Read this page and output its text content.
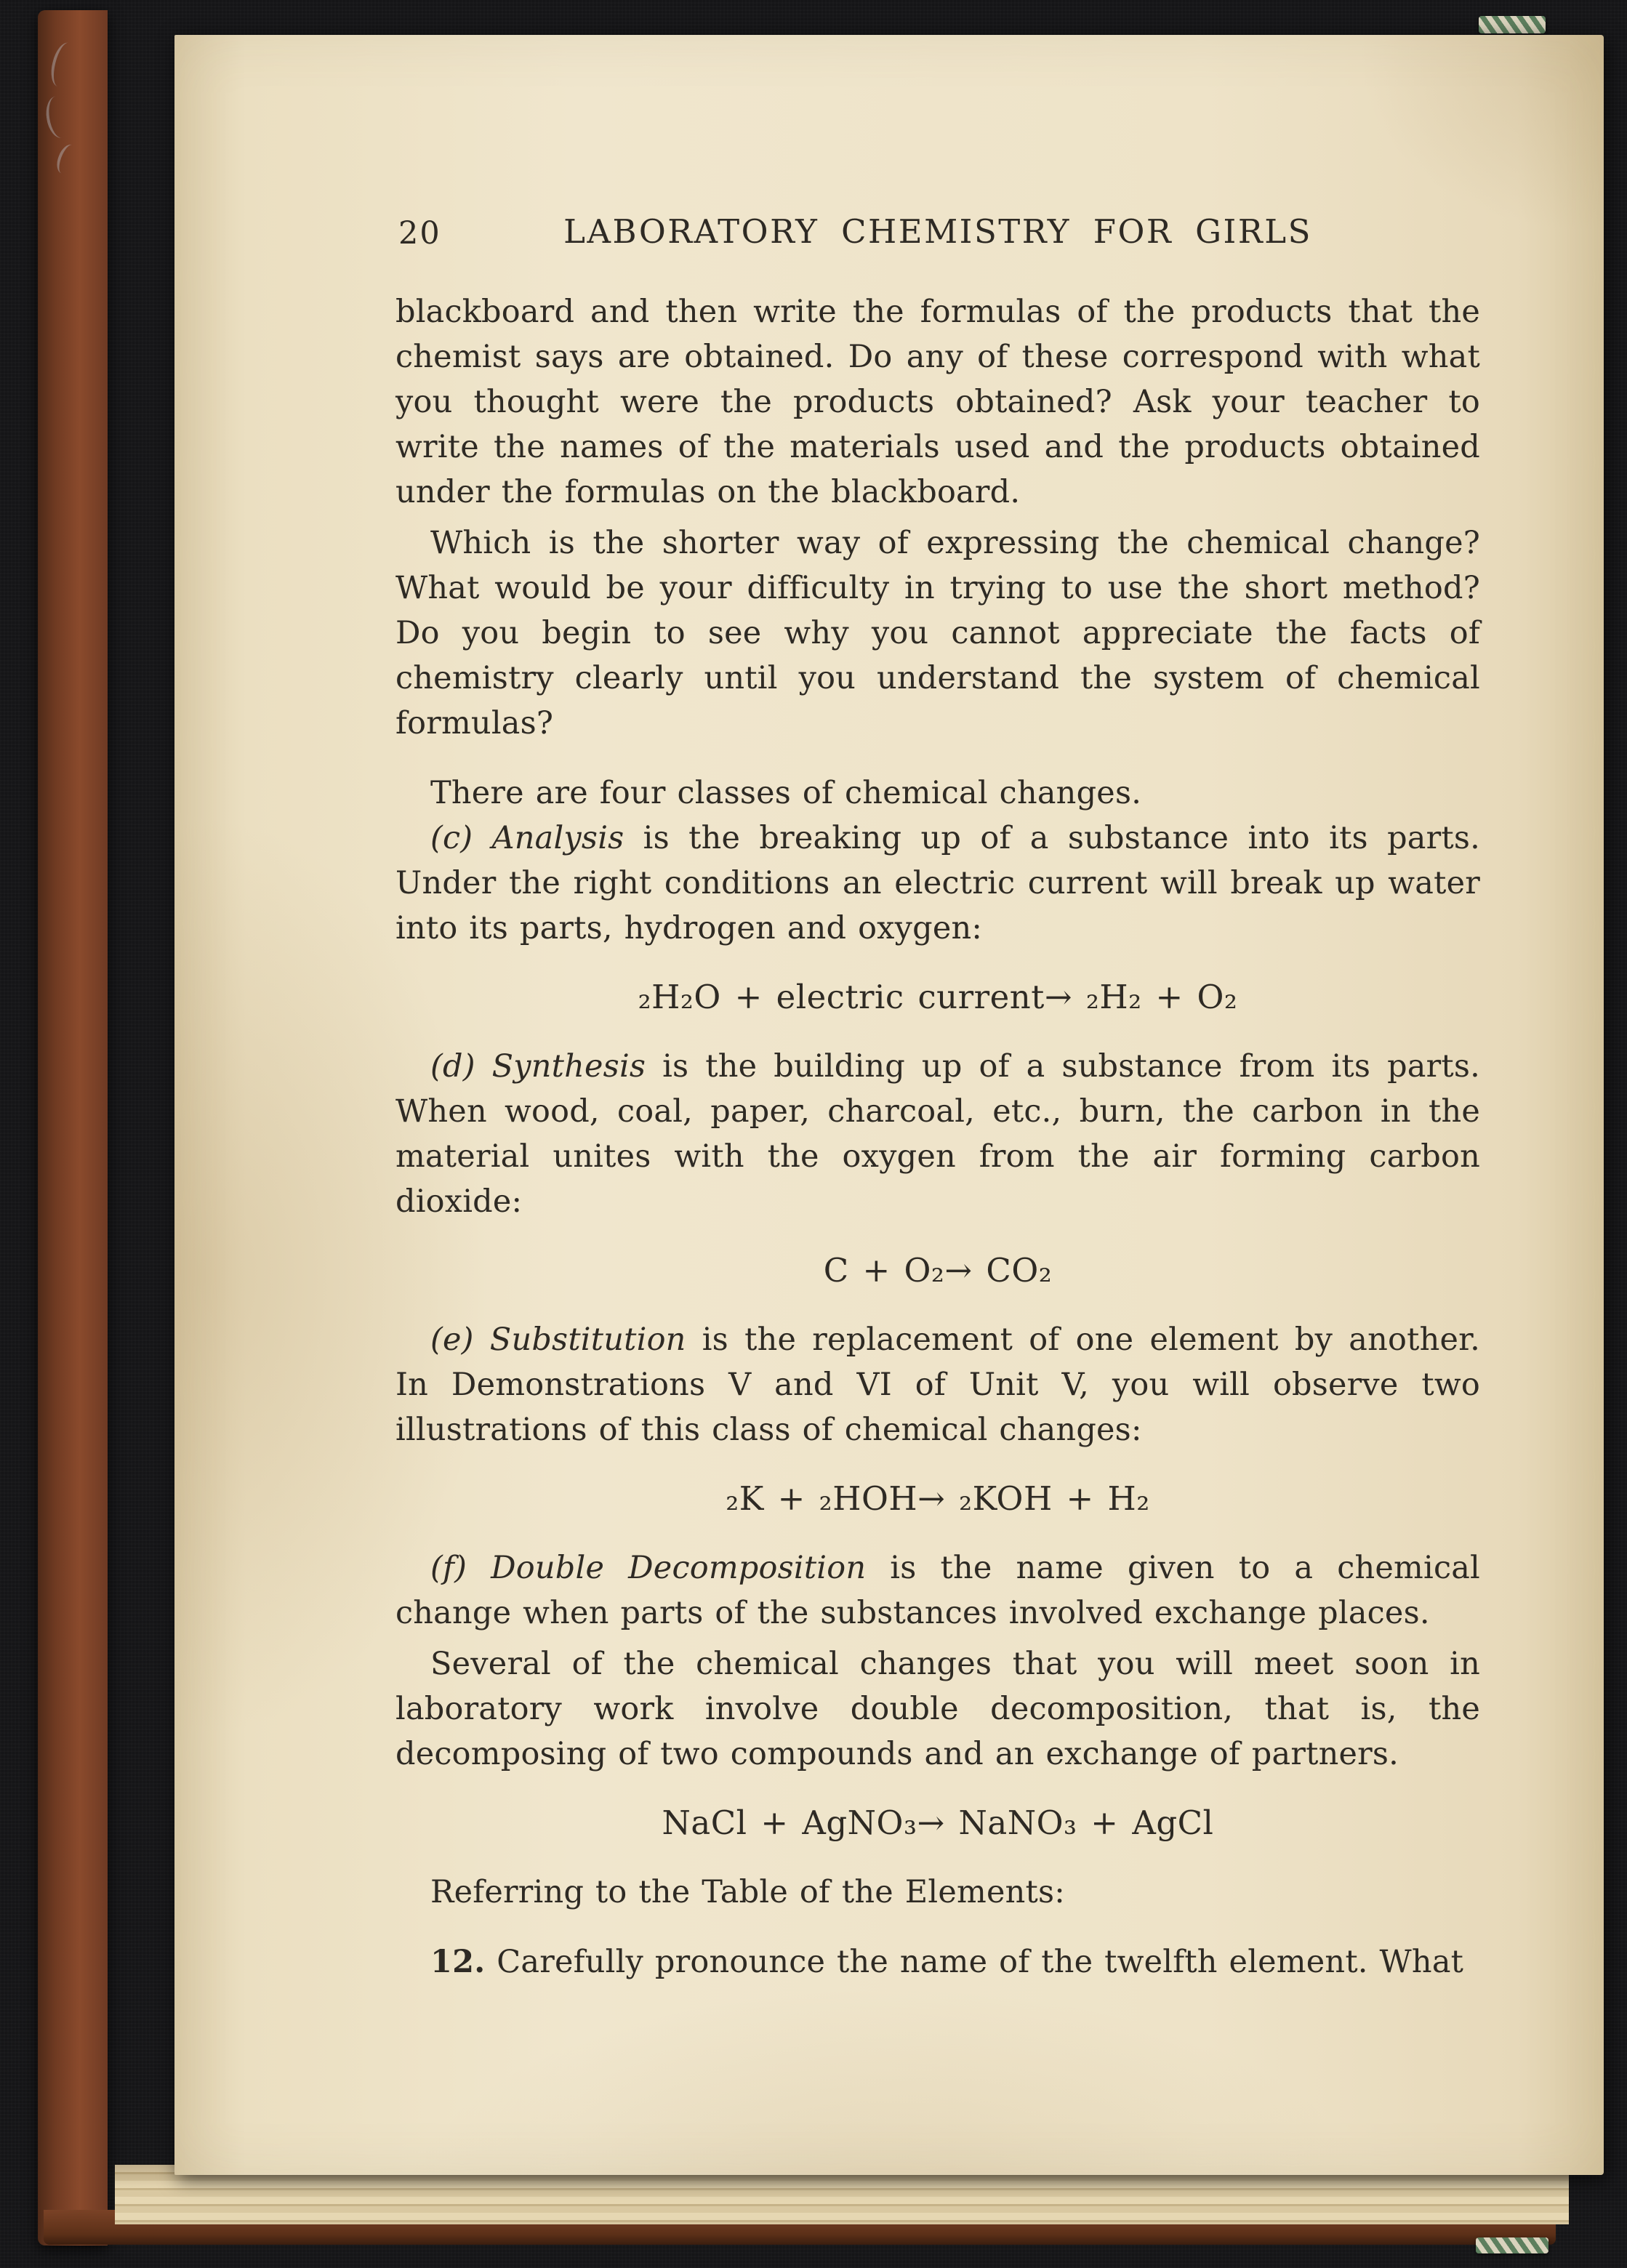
20	LABORATORY CHEMISTRY FOR GIRLS

blackboard and then write the formulas of the products that the chemist says are obtained. Do any of these correspond with what you thought were the products obtained? Ask your teacher to write the names of the materials used and the products obtained under the formulas on the blackboard.

Which is the shorter way of expressing the chemical change? What would be your difficulty in trying to use the short method? Do you begin to see why you cannot appreciate the facts of chemistry clearly until you understand the system of chemical formulas?

There are four classes of chemical changes.

(c) Analysis is the breaking up of a substance into its parts. Under the right conditions an electric current will break up water into its parts, hydrogen and oxygen:

₂H₂O + electric current→ ₂H₂ + O₂

(d) Synthesis is the building up of a substance from its parts. When wood, coal, paper, charcoal, etc., burn, the carbon in the material unites with the oxygen from the air forming carbon dioxide:

C + O₂→ CO₂

(e) Substitution is the replacement of one element by another. In Demonstrations V and VI of Unit V, you will observe two illustrations of this class of chemical changes:

₂K + ₂HOH→ ₂KOH + H₂

(f) Double Decomposition is the name given to a chemical change when parts of the substances involved exchange places.

Several of the chemical changes that you will meet soon in laboratory work involve double decomposition, that is, the decomposing of two compounds and an exchange of partners.

NaCl + AgNO₃→ NaNO₃ + AgCl

Referring to the Table of the Elements:

12. Carefully pronounce the name of the twelfth element. What
